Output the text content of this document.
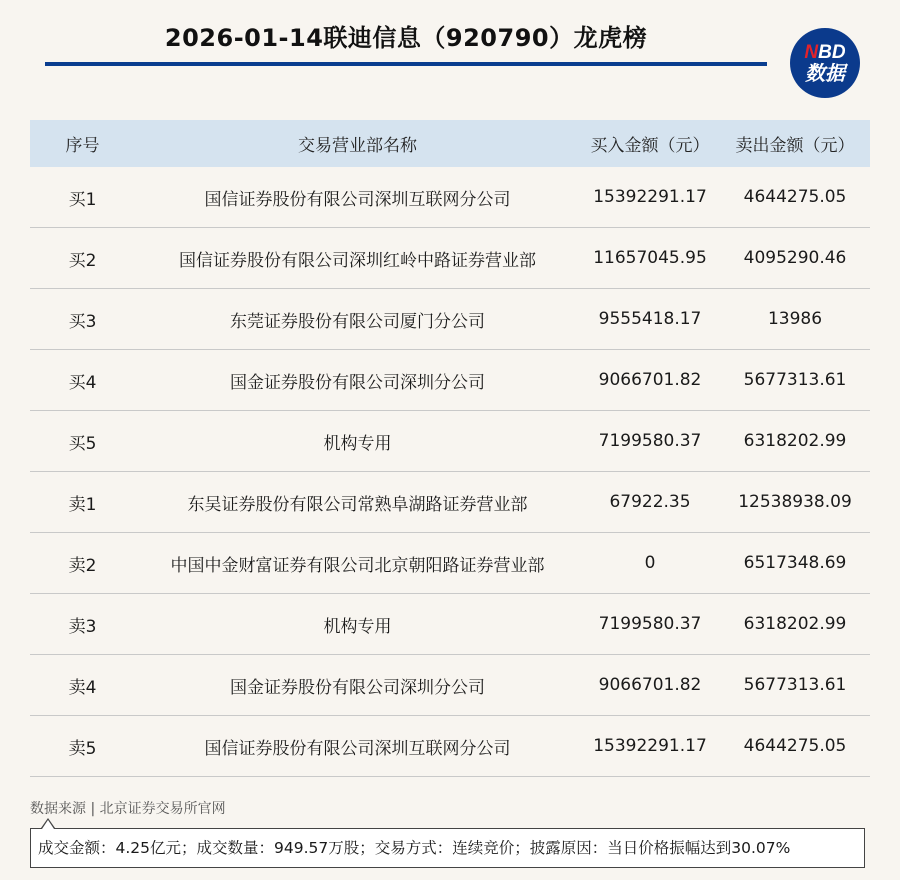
2026-01-14联迪信息（920790）龙虎榜	NBD
数据
序号	交易营业部名称	买入金额（元）	卖出金额（元）
买1	国信证券股份有限公司深圳互联网分公司	15392291.17	4644275.05
买2	国信证券股份有限公司深圳红岭中路证券营业部	11657045.95	4095290.46
买3	东莞证券股份有限公司厦门分公司	9555418.17	13986
买4	国金证券股份有限公司深圳分公司	9066701.82	5677313.61
买5	机构专用	7199580.37	6318202.99
卖1	东吴证券股份有限公司常熟阜湖路证券营业部	67922.35	12538938.09
卖2	中国中金财富证券有限公司北京朝阳路证券营业部	0	6517348.69
卖3	机构专用	7199580.37	6318202.99
卖4	国金证券股份有限公司深圳分公司	9066701.82	5677313.61
卖5	国信证券股份有限公司深圳互联网分公司	15392291.17	4644275.05
数据来源 | 北京证券交易所官网
成交金额：4.25亿元；成交数量：949.57万股；交易方式：连续竞价；披露原因：当日价格振幅达到30.07%
